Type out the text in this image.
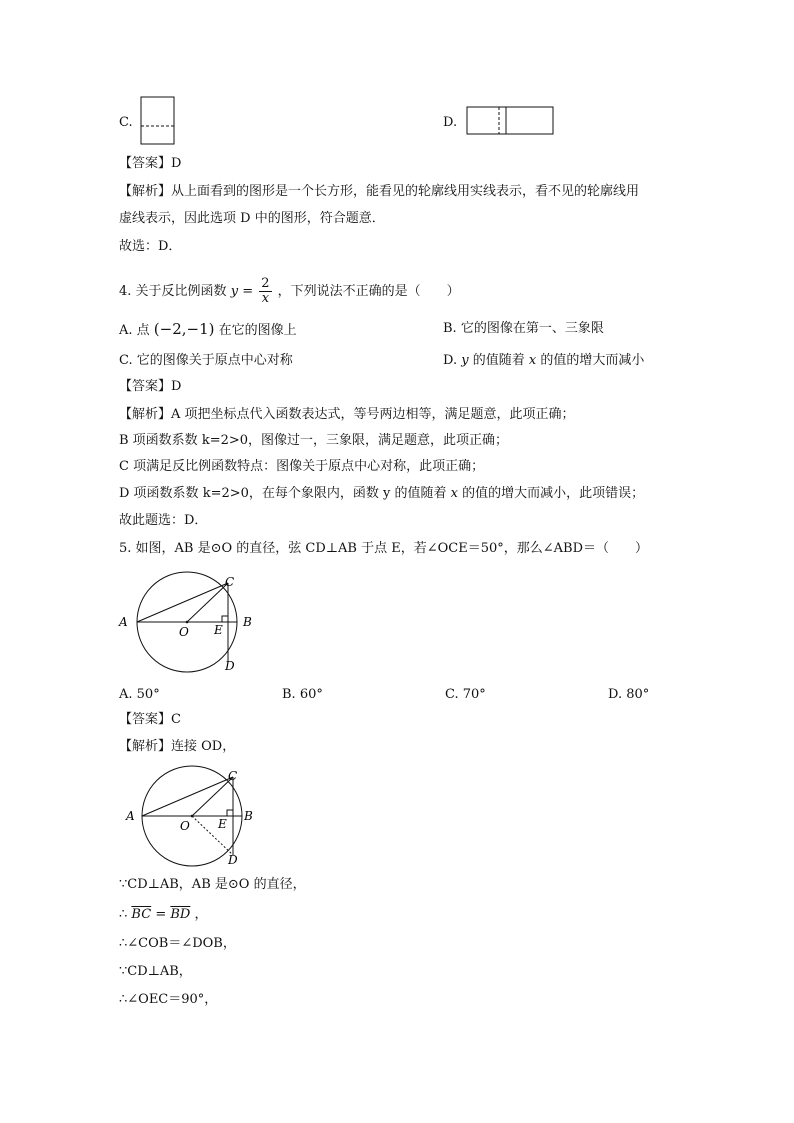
C.	D.
【答案】D
【解析】从上面看到的图形是一个长方形，能看见的轮廓线用实线表示，看不见的轮廓线用
虚线表示，因此选项 D 中的图形，符合题意．
故选：D．
4. 关于反比例函数 $y = \frac{2}{x}$ ，下列说法不正确的是（　　）
A. 点 (−2,−1) 在它的图像上	B. 它的图像在第一、三象限
C. 它的图像关于原点中心对称	D. y 的值随着 x 的值的增大而减小
【答案】D
【解析】A 项把坐标点代入函数表达式，等号两边相等，满足题意，此项正确；
B 项函数系数 k=2>0，图像过一，三象限，满足题意，此项正确；
C 项满足反比例函数特点：图像关于原点中心对称，此项正确；
D 项函数系数 k=2>0，在每个象限内，函数 y 的值随着 x 的值的增大而减小，此项错误；
故此题选：D．
5. 如图，AB 是⊙O 的直径，弦 CD⊥AB 于点 E，若∠OCE＝50°，那么∠ABD＝（　　）
A	B
C
D
O E
A. 50°	B. 60°	C. 70°	D. 80°
【答案】C
【解析】连接 OD，
A	B
C
D
O E
∵CD⊥AB，AB 是⊙O 的直径，
∴ $\overline{BC} = \overline{BD}$ ，
∴∠COB＝∠DOB，
∵CD⊥AB，
∴∠OEC＝90°，
